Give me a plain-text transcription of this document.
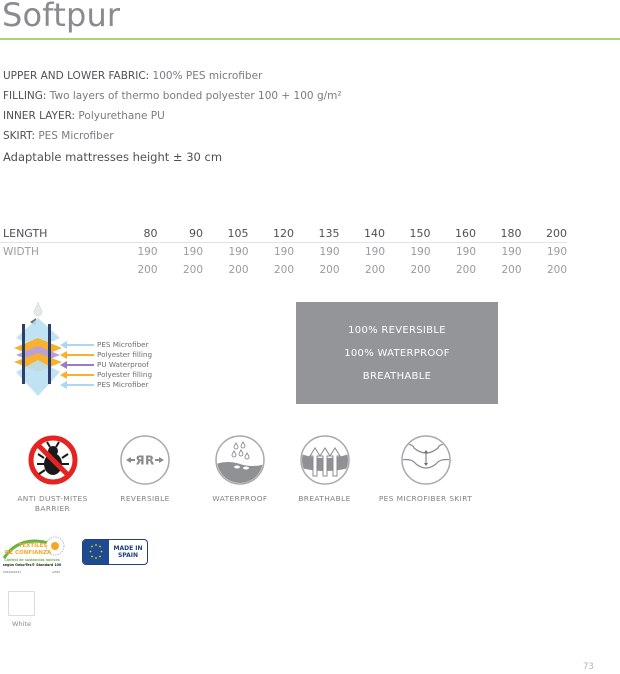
Softpur
UPPER AND LOWER FABRIC: 100% PES microfiber
FILLING: Two layers of thermo bonded polyester 100 + 100 g/m²
INNER LAYER: Polyurethane PU
SKIRT: PES Microfiber
Adaptable mattresses height ± 30 cm
LENGTH	80	90	105	120	135	140	150	160	180	200
WIDTH	190	190	190	190	190	190	190	190	190	190
	200	200	200	200	200	200	200	200	200	200
PES Microfiber
Polyester filling
PU Waterproof
Polyester filling
PES Microfiber
100% REVERSIBLE
100% WATERPROOF
BREATHABLE
ANTI DUST-MITES
BARRIER
ЯR
REVERSIBLE	WATERPROOF	BREATHABLE	PES MICROFIBER SKIRT
TEXTILES
DE CONFIANZA
Control de sustancias nocivas
según Oeko-Tex® Standard 100
2014AK0133	AITEX
MADE IN
SPAIN
White
73
